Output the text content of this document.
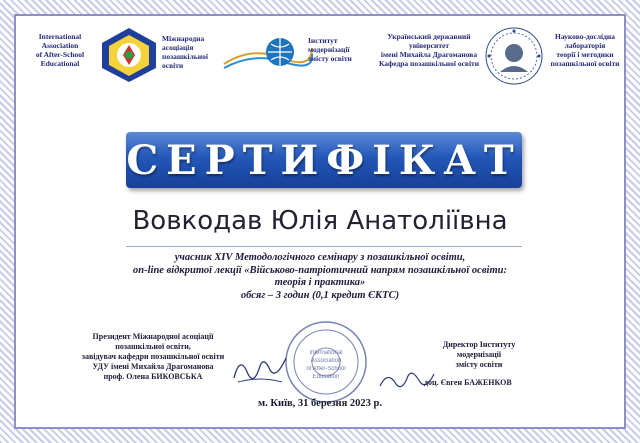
International
Association
of After-School
Educational
Міжнародна
асоціація
позашкільної
освіти
Інститут
модернізації
змісту освіти
Український державний
університет
імені Михайла Драгоманова
Кафедра позашкільної освіти
Науково-дослідна
лабораторія
теорії і методики
позашкільної освіти
СЕРТИФІКАТ
Вовкодав Юлія Анатоліївна
учасник XIV Методологічного семінару з позашкільної освіти,
on-line відкритої лекції «Військово-патріотичний напрям позашкільної освіти:
теорія і практика»
обсяг – 3 годин (0,1 кредит ЄКТС)
Президент Міжнародної асоціації
позашкільної освіти,
завідувач кафедри позашкільної освіти
УДУ імені Михайла Драгоманова
проф. Олена БИКОВСЬКА
International
Association
of After-School
Education
Директор Інституту
модернізації
змісту освіти
доц. Євген БАЖЕНКОВ
м. Київ, 31 березня 2023 р.
